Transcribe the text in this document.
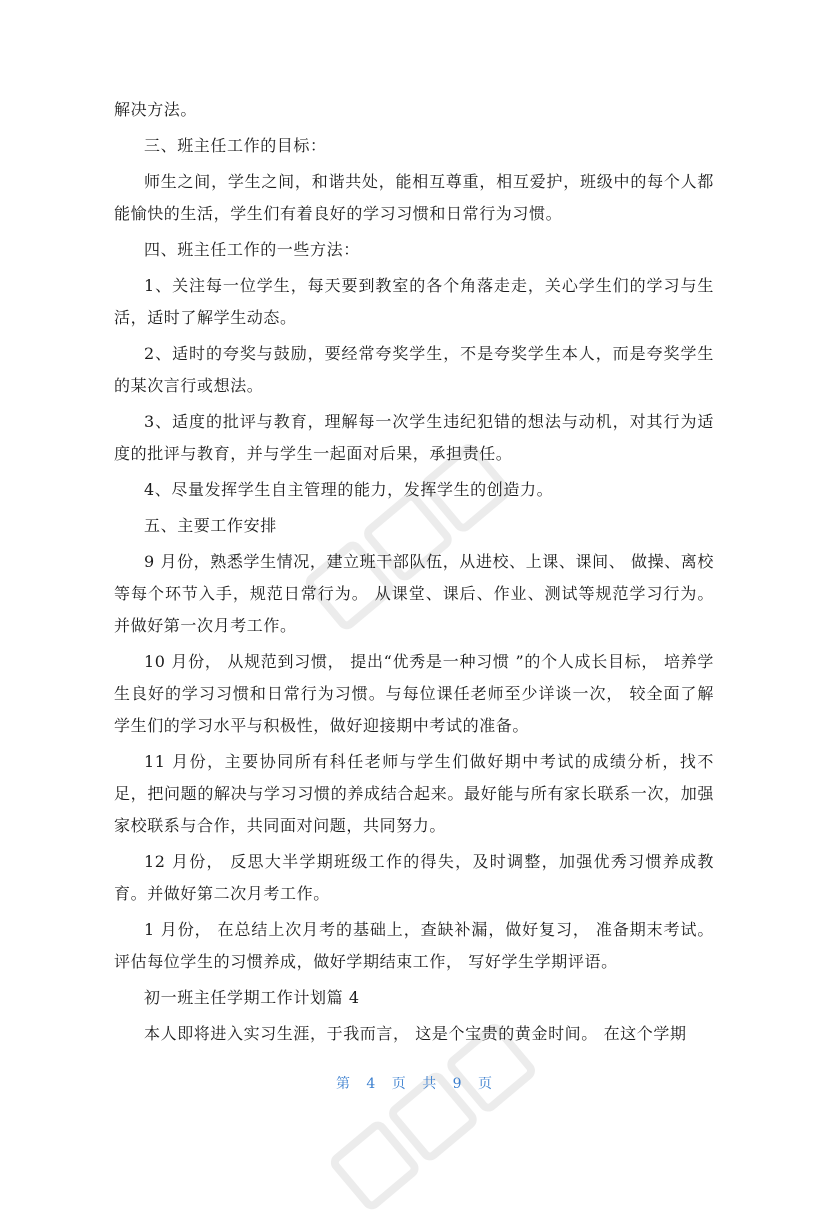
解决方法。

三、班主任工作的目标：

师生之间，学生之间，和谐共处，能相互尊重，相互爱护，班级中的每个人都能愉快的生活，学生们有着良好的学习习惯和日常行为习惯。

四、班主任工作的一些方法：

1、关注每一位学生，每天要到教室的各个角落走走，关心学生们的学习与生活，适时了解学生动态。

2、适时的夸奖与鼓励，要经常夸奖学生，不是夸奖学生本人，而是夸奖学生的某次言行或想法。

3、适度的批评与教育，理解每一次学生违纪犯错的想法与动机，对其行为适度的批评与教育，并与学生一起面对后果，承担责任。

4、尽量发挥学生自主管理的能力，发挥学生的创造力。

五、主要工作安排

9 月份，熟悉学生情况，建立班干部队伍，从进校、上课、课间、 做操、离校等每个环节入手，规范日常行为。 从课堂、课后、作业、测试等规范学习行为。并做好第一次月考工作。

10 月份， 从规范到习惯， 提出“优秀是一种习惯 ”的个人成长目标， 培养学生良好的学习习惯和日常行为习惯。与每位课任老师至少详谈一次， 较全面了解学生们的学习水平与积极性，做好迎接期中考试的准备。

11 月份，主要协同所有科任老师与学生们做好期中考试的成绩分析，找不足，把问题的解决与学习习惯的养成结合起来。最好能与所有家长联系一次，加强家校联系与合作，共同面对问题，共同努力。

12 月份， 反思大半学期班级工作的得失，及时调整，加强优秀习惯养成教育。并做好第二次月考工作。

1 月份， 在总结上次月考的基础上，查缺补漏，做好复习， 准备期末考试。评估每位学生的习惯养成，做好学期结束工作， 写好学生学期评语。

初一班主任学期工作计划篇 4

本人即将进入实习生涯，于我而言， 这是个宝贵的黄金时间。 在这个学期

第 4 页 共 9 页
